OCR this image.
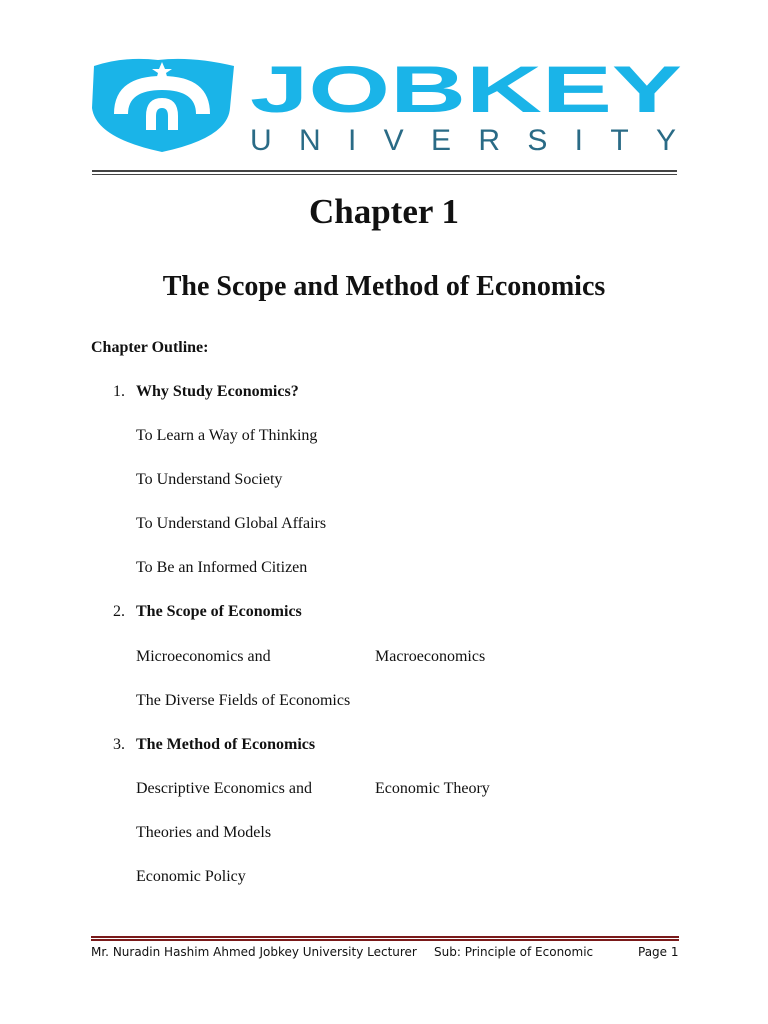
JOBKEY
UNIVERSITY
Chapter 1
The Scope and Method of Economics
Chapter Outline:
1. Why Study Economics?
To Learn a Way of Thinking
To Understand Society
To Understand Global Affairs
To Be an Informed Citizen
2. The Scope of Economics
Microeconomics and	Macroeconomics
The Diverse Fields of Economics
3. The Method of Economics
Descriptive Economics and	Economic Theory
Theories and Models
Economic Policy
Mr. Nuradin Hashim Ahmed Jobkey University Lecturer Sub: Principle of Economic	Page 1
